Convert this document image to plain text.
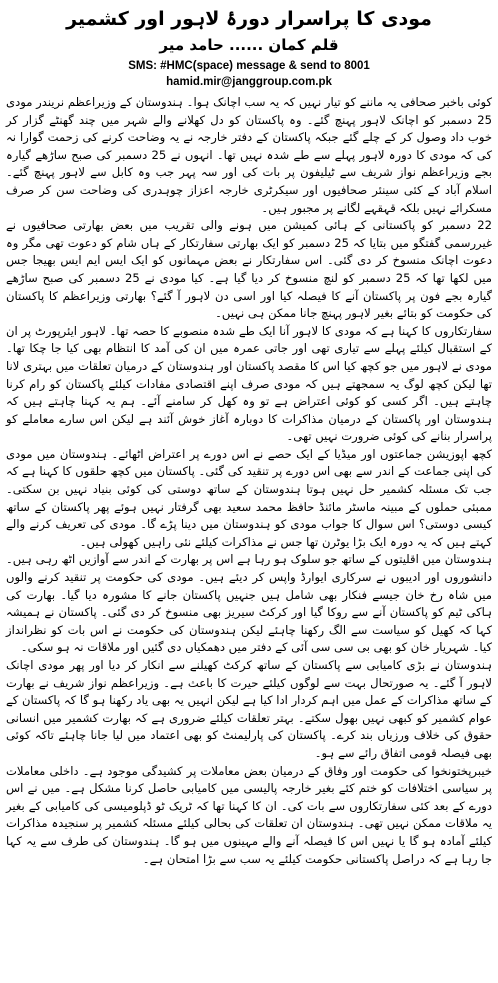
مودی کا پراسرار دورۂ لاہور اور کشمیر
قلم کمان ...... حامد میر
SMS: #HMC(space) message & send to 8001
hamid.mir@janggroup.com.pk

کوئی باخبر صحافی یہ ماننے کو تیار نہیں کہ یہ سب اچانک ہوا۔ ہندوستان کے وزیراعظم نریندر مودی 25 دسمبر کو اچانک لاہور پہنچ گئے۔ وہ پاکستان کو دل کھلانے والے شہر میں چند گھنٹے گزار کر خوب داد وصول کر کے چلے گئے جبکہ پاکستان کے دفتر خارجہ نے یہ وضاحت کرنے کی زحمت گوارا نہ کی کہ مودی کا دورہ لاہور پہلے سے طے شدہ نہیں تھا۔ انہوں نے 25 دسمبر کی صبح ساڑھے گیارہ بجے وزیراعظم نواز شریف سے ٹیلیفون پر بات کی اور سہ پہر جب وہ کابل سے لاہور پہنچ گئے۔ اسلام آباد کے کئی سینئر صحافیوں اور سیکرٹری خارجہ اعزاز چوہدری کی وضاحت سن کر صرف مسکرائے نہیں بلکہ قہقہے لگانے پر مجبور ہیں۔

22 دسمبر کو پاکستانی کے ہائی کمیشن میں ہونے والی تقریب میں بعض بھارتی صحافیوں نے غیررسمی گفتگو میں بتایا کہ 25 دسمبر کو ایک بھارتی سفارتکار کے ہاں شام کو دعوت تھی مگر وہ دعوت اچانک منسوخ کر دی گئی۔ اس سفارتکار نے بعض مہمانوں کو ایک ایس ایم ایس بھیجا جس میں لکھا تھا کہ 25 دسمبر کو لنچ منسوخ کر دیا گیا ہے۔ کیا مودی نے 25 دسمبر کی صبح ساڑھے گیارہ بجے فون پر پاکستان آنے کا فیصلہ کیا اور اسی دن لاہور آ گئے؟ بھارتی وزیراعظم کا پاکستان کی حکومت کو بتائے بغیر لاہور پہنچ جانا ممکن ہی نہیں۔

سفارتکاروں کا کہنا ہے کہ مودی کا لاہور آنا ایک طے شدہ منصوبے کا حصہ تھا۔ لاہور ایئرپورٹ پر ان کے استقبال کیلئے پہلے سے تیاری تھی اور جاتی عمرہ میں ان کی آمد کا انتظام بھی کیا جا چکا تھا۔ مودی نے لاہور میں جو کچھ کیا اس کا مقصد پاکستان اور ہندوستان کے درمیان تعلقات میں بہتری لانا تھا لیکن کچھ لوگ یہ سمجھتے ہیں کہ مودی صرف اپنے اقتصادی مفادات کیلئے پاکستان کو رام کرنا چاہتے ہیں۔ اگر کسی کو کوئی اعتراض ہے تو وہ کھل کر سامنے آئے۔ ہم یہ کہنا چاہتے ہیں کہ ہندوستان اور پاکستان کے درمیان مذاکرات کا دوبارہ آغاز خوش آئند ہے لیکن اس سارے معاملے کو پراسرار بنانے کی کوئی ضرورت نہیں تھی۔

کچھ اپوزیشن جماعتوں اور میڈیا کے ایک حصے نے اس دورے پر اعتراض اٹھائے۔ ہندوستان میں مودی کی اپنی جماعت کے اندر سے بھی اس دورے پر تنقید کی گئی۔ پاکستان میں کچھ حلقوں کا کہنا ہے کہ جب تک مسئلہ کشمیر حل نہیں ہوتا ہندوستان کے ساتھ دوستی کی کوئی بنیاد نہیں بن سکتی۔ ممبئی حملوں کے مبینہ ماسٹر مائنڈ حافظ محمد سعید بھی گرفتار نہیں ہوئے پھر پاکستان کے ساتھ کیسی دوستی؟ اس سوال کا جواب مودی کو ہندوستان میں دینا پڑے گا۔ مودی کی تعریف کرنے والے کہتے ہیں کہ یہ دورہ ایک بڑا یوٹرن تھا جس نے مذاکرات کیلئے نئی راہیں کھولی ہیں۔

ہندوستان میں اقلیتوں کے ساتھ جو سلوک ہو رہا ہے اس پر بھارت کے اندر سے آوازیں اٹھ رہی ہیں۔ دانشوروں اور ادیبوں نے سرکاری ایوارڈ واپس کر دیئے ہیں۔ مودی کی حکومت پر تنقید کرنے والوں میں شاہ رخ خان جیسے فنکار بھی شامل ہیں جنہیں پاکستان جانے کا مشورہ دیا گیا۔ بھارت کی ہاکی ٹیم کو پاکستان آنے سے روکا گیا اور کرکٹ سیریز بھی منسوخ کر دی گئی۔ پاکستان نے ہمیشہ کہا کہ کھیل کو سیاست سے الگ رکھنا چاہئے لیکن ہندوستان کی حکومت نے اس بات کو نظرانداز کیا۔ شہریار خان کو بھی بی سی سی آئی کے دفتر میں دھمکیاں دی گئیں اور ملاقات نہ ہو سکی۔

ہندوستان نے بڑی کامیابی سے پاکستان کے ساتھ کرکٹ کھیلنے سے انکار کر دیا اور پھر مودی اچانک لاہور آ گئے۔ یہ صورتحال بہت سے لوگوں کیلئے حیرت کا باعث ہے۔ وزیراعظم نواز شریف نے بھارت کے ساتھ مذاکرات کے عمل میں اہم کردار ادا کیا ہے لیکن انہیں یہ بھی یاد رکھنا ہو گا کہ پاکستان کے عوام کشمیر کو کبھی نہیں بھول سکتے۔ بہتر تعلقات کیلئے ضروری ہے کہ بھارت کشمیر میں انسانی حقوق کی خلاف ورزیاں بند کرے۔ پاکستان کی پارلیمنٹ کو بھی اعتماد میں لیا جانا چاہئے تاکہ کوئی بھی فیصلہ قومی اتفاق رائے سے ہو۔

خیبرپختونخوا کی حکومت اور وفاق کے درمیان بعض معاملات پر کشیدگی موجود ہے۔ داخلی معاملات پر سیاسی اختلافات کو ختم کئے بغیر خارجہ پالیسی میں کامیابی حاصل کرنا مشکل ہے۔ میں نے اس دورے کے بعد کئی سفارتکاروں سے بات کی۔ ان کا کہنا تھا کہ ٹریک ٹو ڈپلومیسی کی کامیابی کے بغیر یہ ملاقات ممکن نہیں تھی۔ ہندوستان ان تعلقات کی بحالی کیلئے مسئلہ کشمیر پر سنجیدہ مذاکرات کیلئے آمادہ ہو گا یا نہیں اس کا فیصلہ آنے والے مہینوں میں ہو گا۔ ہندوستان کی طرف سے یہ کہا جا رہا ہے کہ دراصل پاکستانی حکومت کیلئے یہ سب سے بڑا امتحان ہے۔
